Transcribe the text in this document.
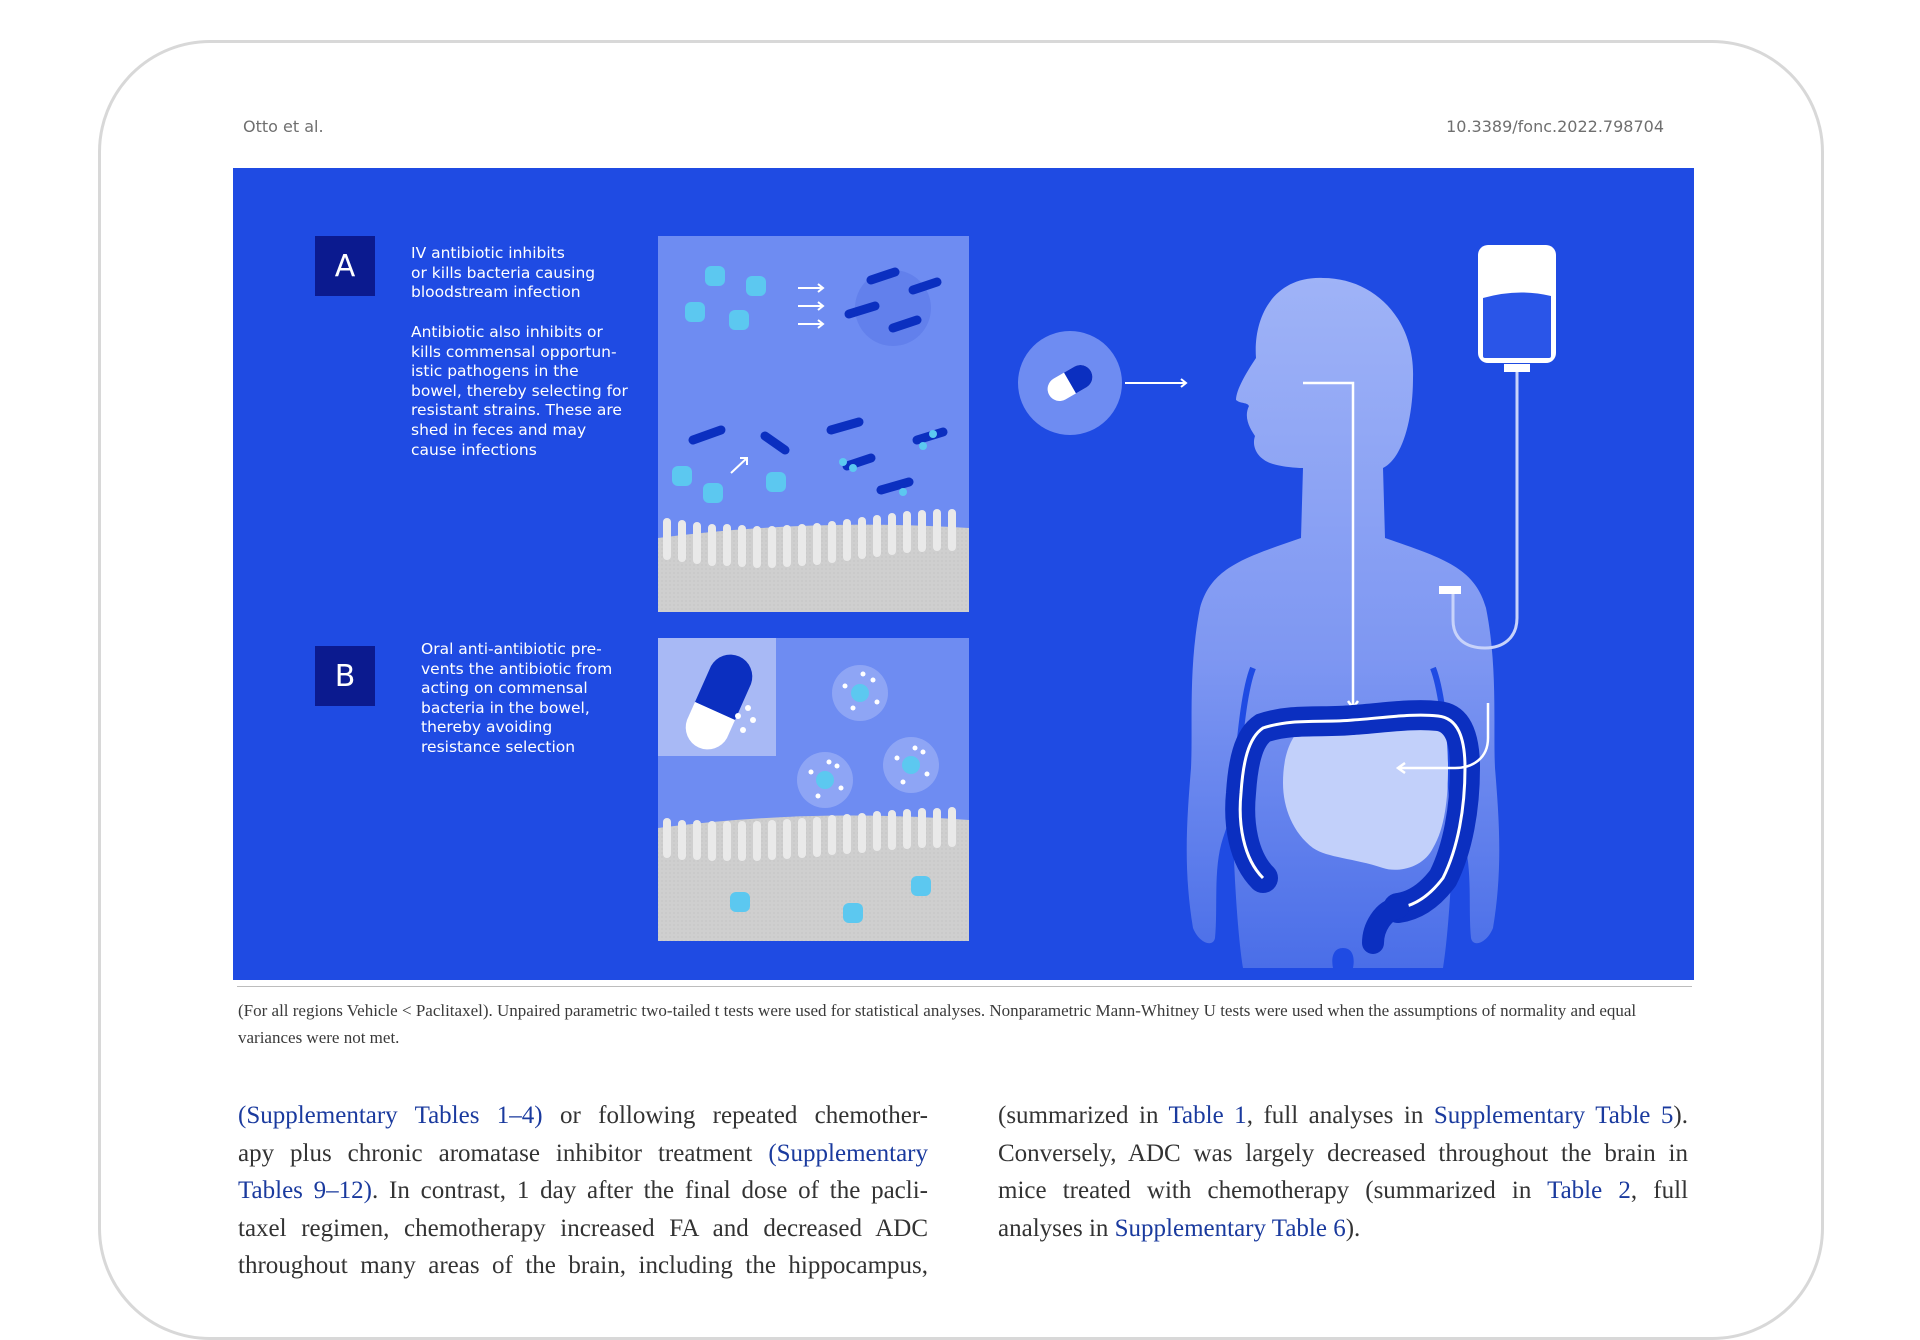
Otto et al.	10.3389/fonc.2022.798704
A	IV antibiotic inhibits
or kills bacteria causing
bloodstream infection
Antibiotic also inhibits or
kills commensal opportun-
istic pathogens in the
bowel, thereby selecting for
resistant strains. These are
shed in feces and may
cause infections
B
Oral anti-antibiotic pre-
vents the antibiotic from
acting on commensal
bacteria in the bowel,
thereby avoiding
resistance selection
(For all regions Vehicle < Paclitaxel). Unpaired parametric two-tailed t tests were used for statistical analyses. Nonparametric Mann-Whitney U tests were used when the assumptions of normality and equal variances were not met.
(Supplementary Tables 1–4) or following repeated chemother-
apy plus chronic aromatase inhibitor treatment (Supplementary
Tables 9–12). In contrast, 1 day after the final dose of the pacli-
taxel regimen, chemotherapy increased FA and decreased ADC
throughout many areas of the brain, including the hippocampus,
(summarized in Table 1, full analyses in Supplementary Table 5).
Conversely, ADC was largely decreased throughout the brain in
mice treated with chemotherapy (summarized in Table 2, full
analyses in Supplementary Table 6).
